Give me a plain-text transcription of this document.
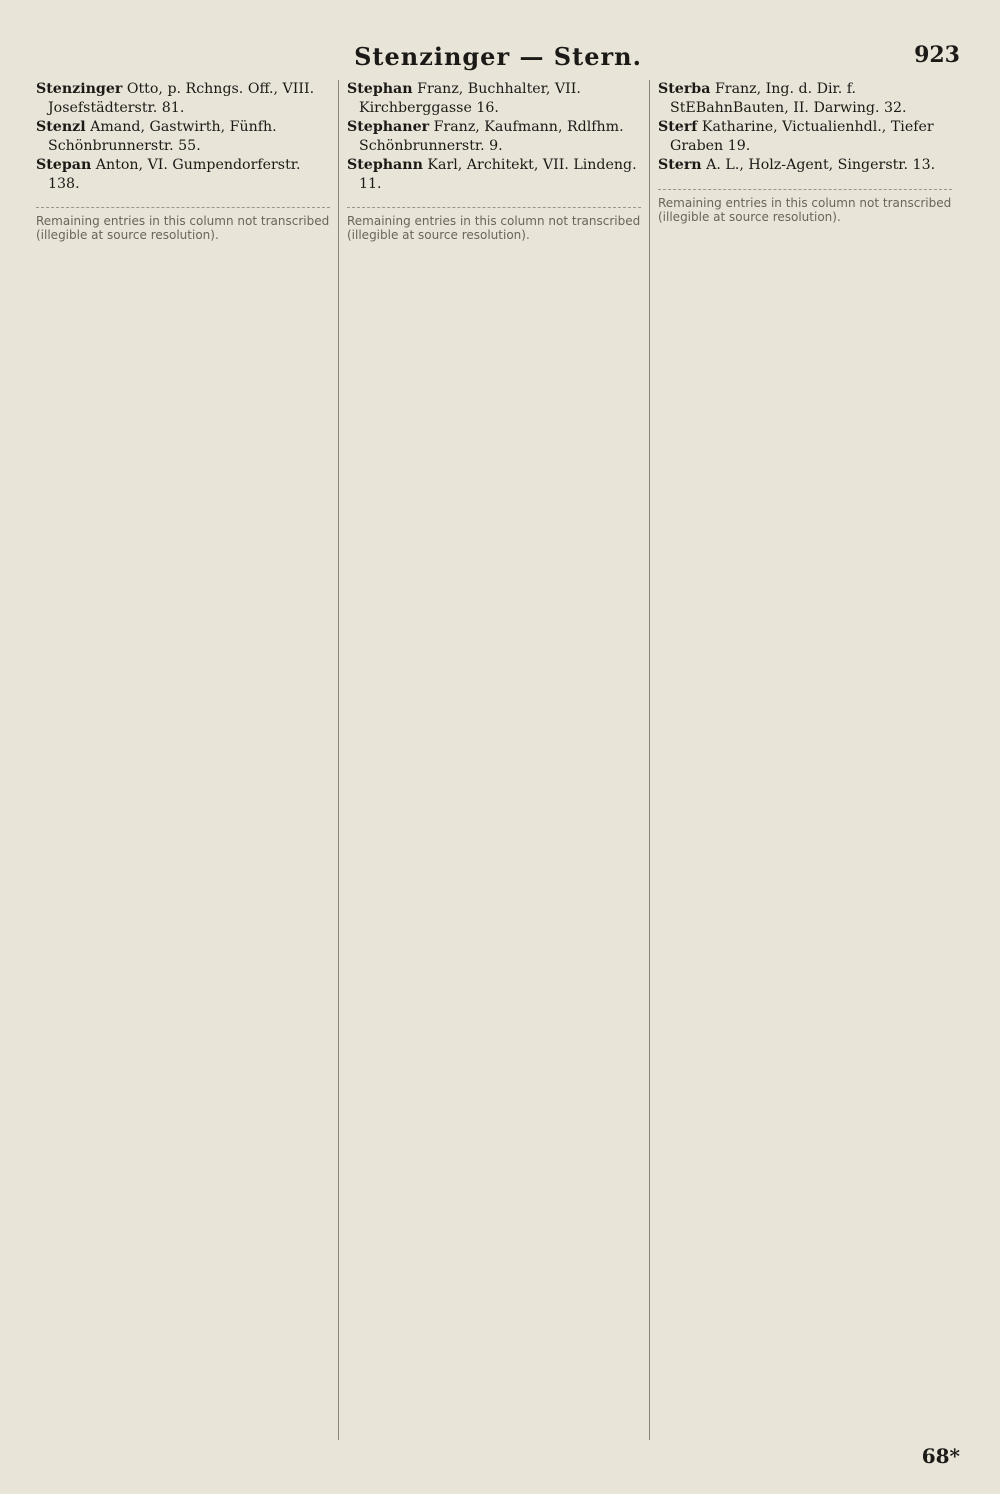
Stenzinger — Stern.	923

Stenzinger Otto, p. Rchngs. Off., VIII. Josefstädterstr. 81.

Stenzl Amand, Gastwirth, Fünfh. Schönbrunnerstr. 55.

Stepan Anton, VI. Gumpendorferstr. 138.

Remaining entries in this column not transcribed (illegible at source resolution).

Stephan Franz, Buchhalter, VII. Kirchberggasse 16.

Stephaner Franz, Kaufmann, Rdlfhm. Schönbrunnerstr. 9.

Stephann Karl, Architekt, VII. Lindeng. 11.

Remaining entries in this column not transcribed (illegible at source resolution).

Sterba Franz, Ing. d. Dir. f. StEBahnBauten, II. Darwing. 32.

Sterf Katharine, Victualienhdl., Tiefer Graben 19.

Stern A. L., Holz-Agent, Singerstr. 13.

Remaining entries in this column not transcribed (illegible at source resolution).
68*
